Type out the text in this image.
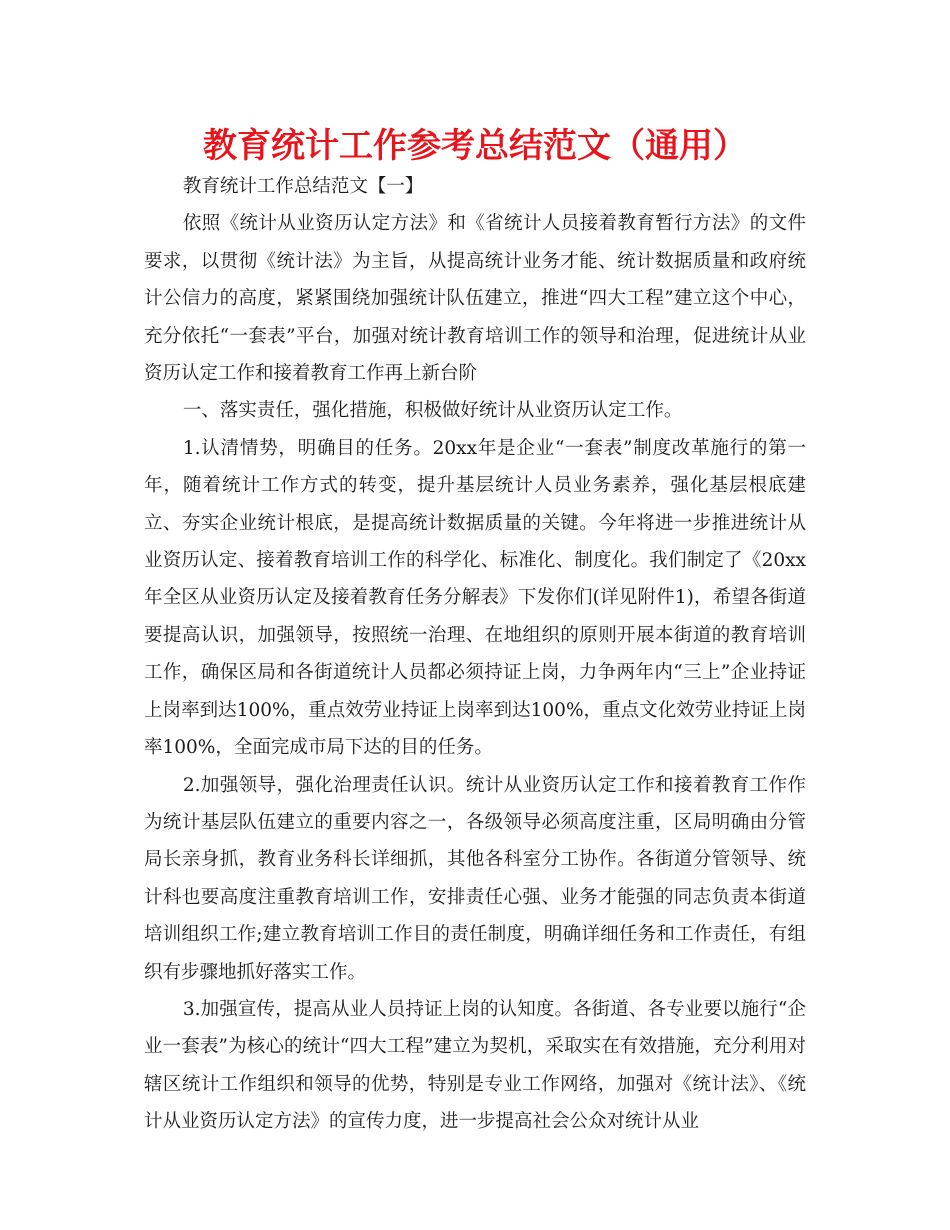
教育统计工作参考总结范文（通用）

教育统计工作总结范文【一】

依照《统计从业资历认定方法》和《省统计人员接着教育暂行方法》的文件要求，以贯彻《统计法》为主旨，从提高统计业务才能、统计数据质量和政府统计公信力的高度，紧紧围绕加强统计队伍建立，推进“四大工程”建立这个中心，充分依托“一套表”平台，加强对统计教育培训工作的领导和治理，促进统计从业资历认定工作和接着教育工作再上新台阶

一、落实责任，强化措施，积极做好统计从业资历认定工作。

1.认清情势，明确目的任务。20xx年是企业“一套表”制度改革施行的第一年，随着统计工作方式的转变，提升基层统计人员业务素养，强化基层根底建立、夯实企业统计根底，是提高统计数据质量的关键。今年将进一步推进统计从业资历认定、接着教育培训工作的科学化、标准化、制度化。我们制定了《20xx年全区从业资历认定及接着教育任务分解表》下发你们(详见附件1)，希望各街道要提高认识，加强领导，按照统一治理、在地组织的原则开展本街道的教育培训工作，确保区局和各街道统计人员都必须持证上岗，力争两年内“三上”企业持证上岗率到达100%，重点效劳业持证上岗率到达100%，重点文化效劳业持证上岗率100%，全面完成市局下达的目的任务。

2.加强领导，强化治理责任认识。统计从业资历认定工作和接着教育工作作为统计基层队伍建立的重要内容之一，各级领导必须高度注重，区局明确由分管局长亲身抓，教育业务科长详细抓，其他各科室分工协作。各街道分管领导、统计科也要高度注重教育培训工作，安排责任心强、业务才能强的同志负责本街道培训组织工作;建立教育培训工作目的责任制度，明确详细任务和工作责任，有组织有步骤地抓好落实工作。

3.加强宣传，提高从业人员持证上岗的认知度。各街道、各专业要以施行“企业一套表”为核心的统计“四大工程”建立为契机，采取实在有效措施，充分利用对辖区统计工作组织和领导的优势，特别是专业工作网络，加强对《统计法》、《统计从业资历认定方法》的宣传力度，进一步提高社会公众对统计从业
